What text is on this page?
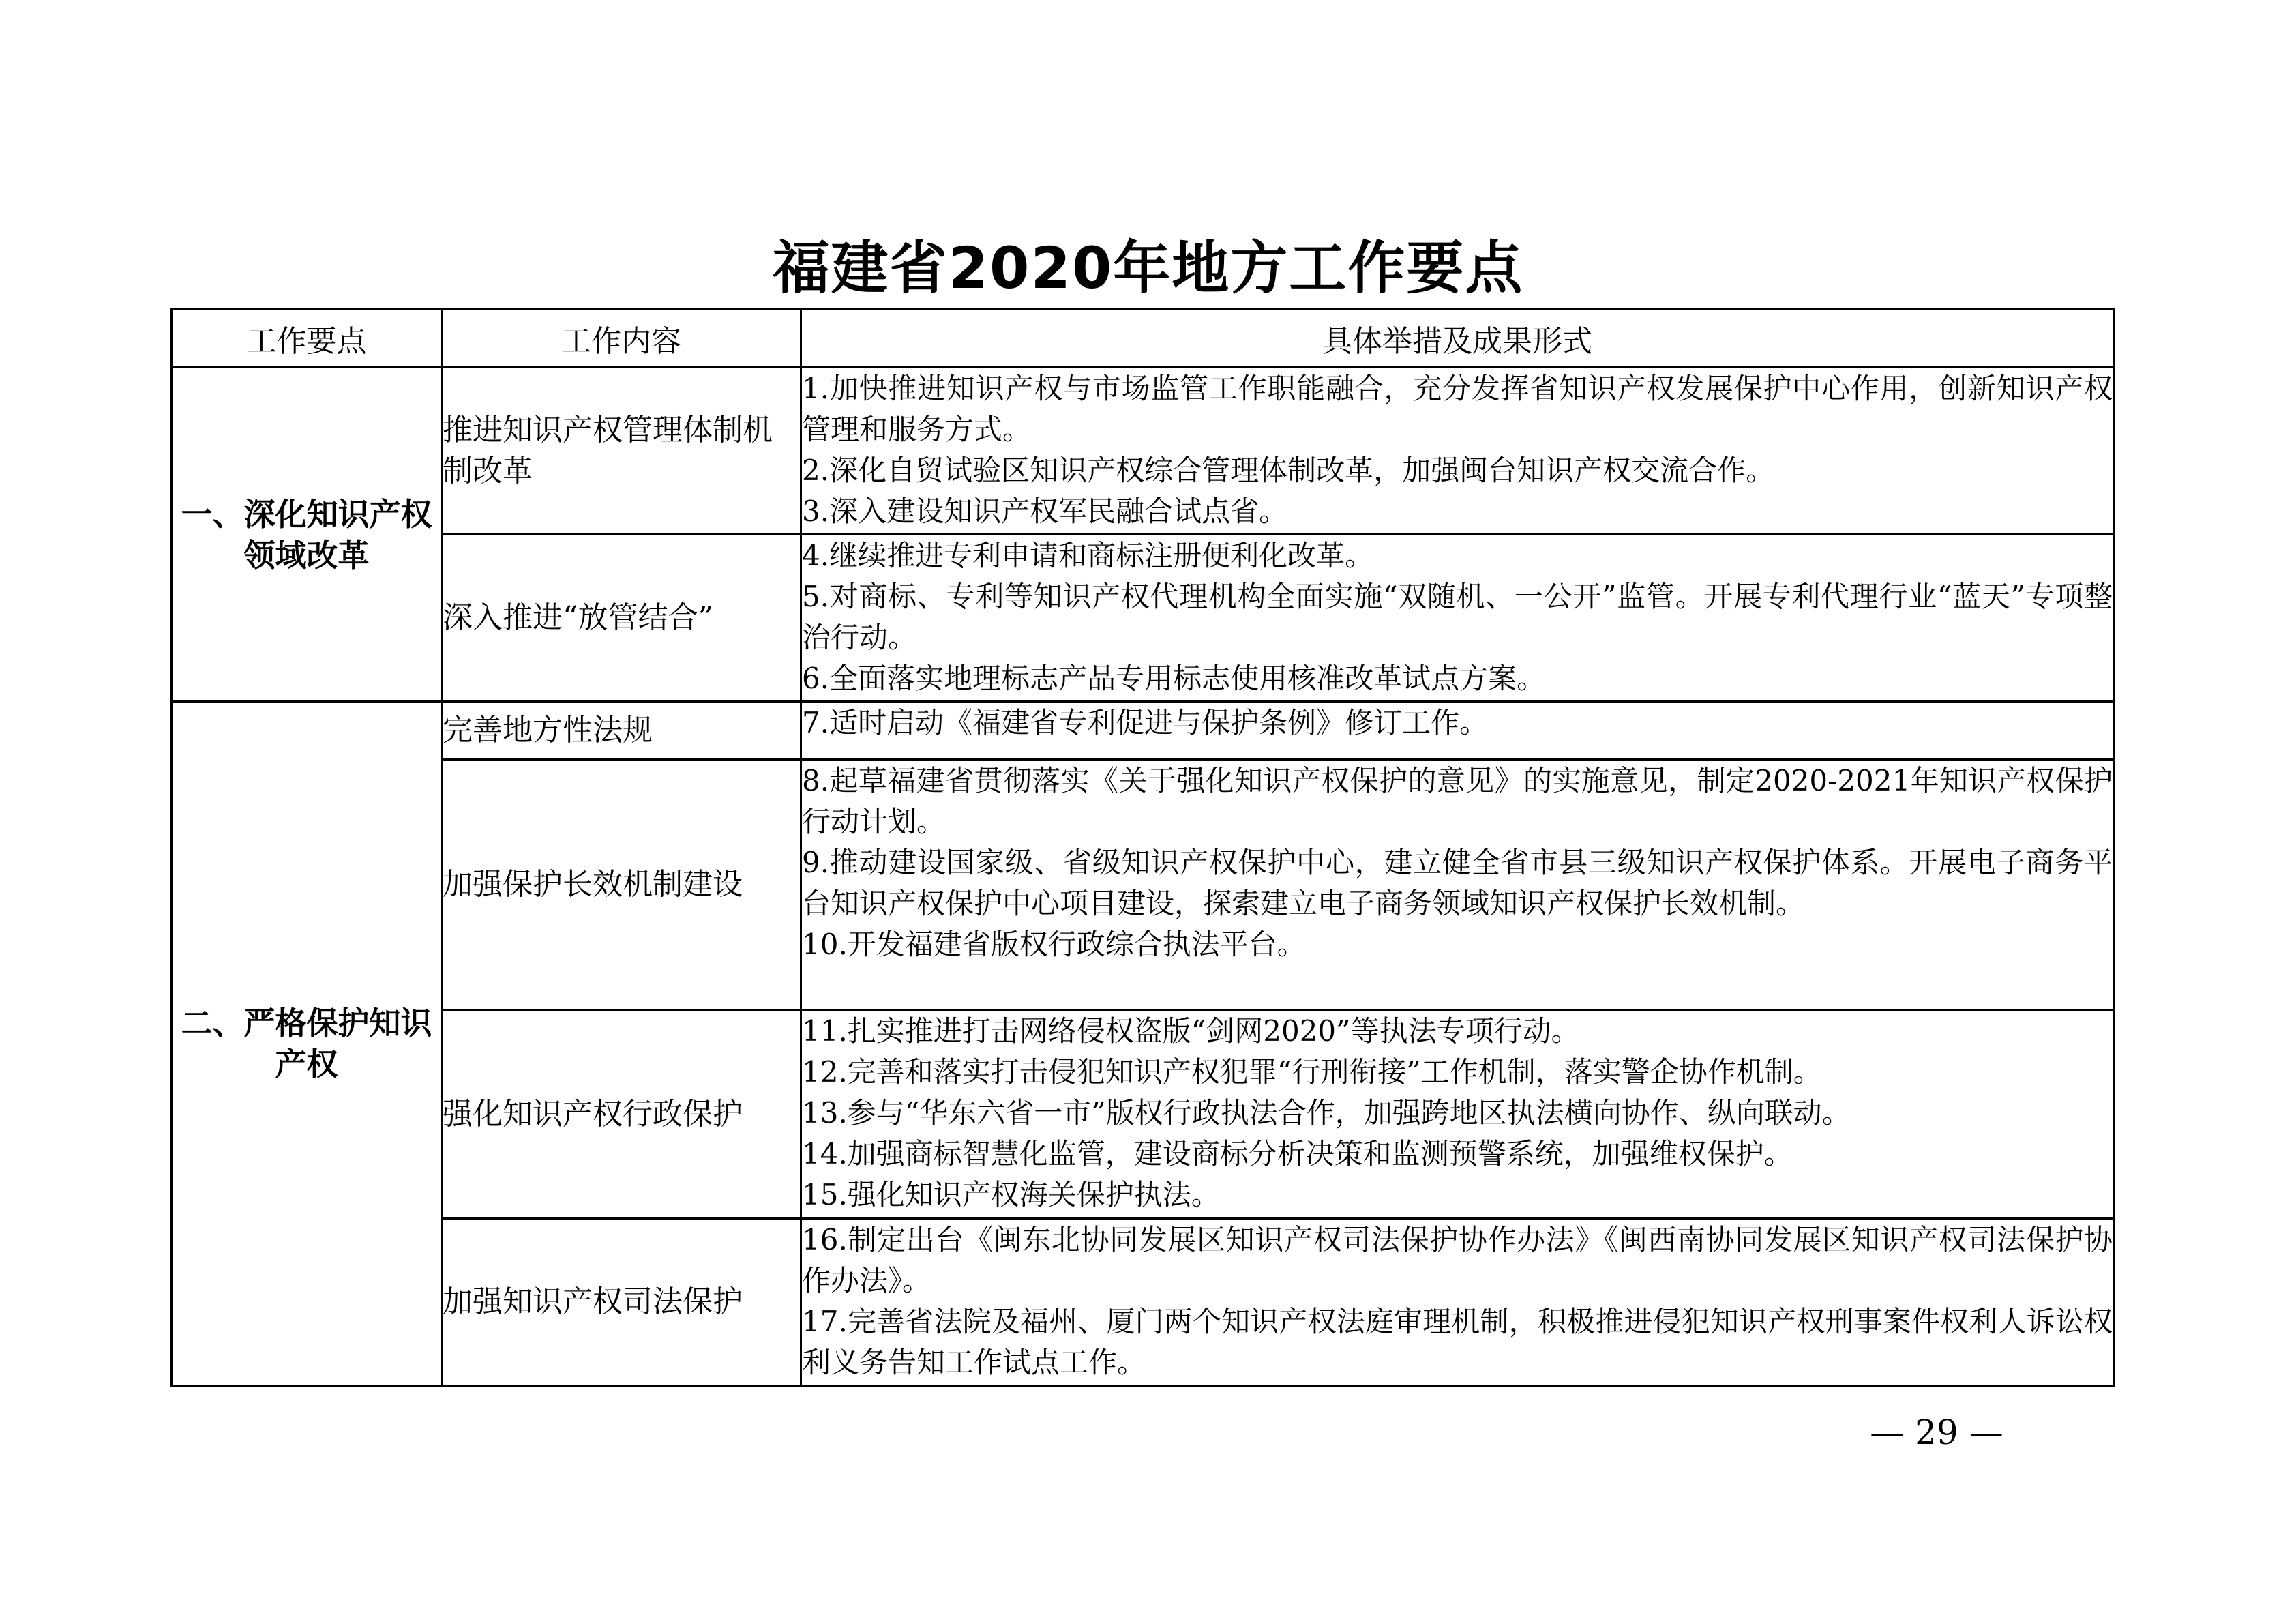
福建省2020年地方工作要点
工作要点	工作内容	具体举措及成果形式
一、深化知识产权领域改革	推进知识产权管理体制机制改革	1.加快推进知识产权与市场监管工作职能融合，充分发挥省知识产权发展保护中心作用，创新知识产权管理和服务方式。
2.深化自贸试验区知识产权综合管理体制改革，加强闽台知识产权交流合作。
3.深入建设知识产权军民融合试点省。

	深入推进“放管结合”	4.继续推进专利申请和商标注册便利化改革。
5.对商标、专利等知识产权代理机构全面实施“双随机、一公开”监管。开展专利代理行业“蓝天”专项整治行动。
6.全面落实地理标志产品专用标志使用核准改革试点方案。

二、严格保护知识产权	完善地方性法规	7.适时启动《福建省专利促进与保护条例》修订工作。

	加强保护长效机制建设	8.起草福建省贯彻落实《关于强化知识产权保护的意见》的实施意见，制定2020-2021年知识产权保护行动计划。
9.推动建设国家级、省级知识产权保护中心，建立健全省市县三级知识产权保护体系。开展电子商务平台知识产权保护中心项目建设，探索建立电子商务领域知识产权保护长效机制。
10.开发福建省版权行政综合执法平台。

	强化知识产权行政保护	11.扎实推进打击网络侵权盗版“剑网2020”等执法专项行动。
12.完善和落实打击侵犯知识产权犯罪“行刑衔接”工作机制，落实警企协作机制。
13.参与“华东六省一市”版权行政执法合作，加强跨地区执法横向协作、纵向联动。
14.加强商标智慧化监管，建设商标分析决策和监测预警系统，加强维权保护。
15.强化知识产权海关保护执法。

	加强知识产权司法保护	16.制定出台《闽东北协同发展区知识产权司法保护协作办法》《闽西南协同发展区知识产权司法保护协作办法》。
17.完善省法院及福州、厦门两个知识产权法庭审理机制，积极推进侵犯知识产权刑事案件权利人诉讼权利义务告知工作试点工作。
— 29 —
